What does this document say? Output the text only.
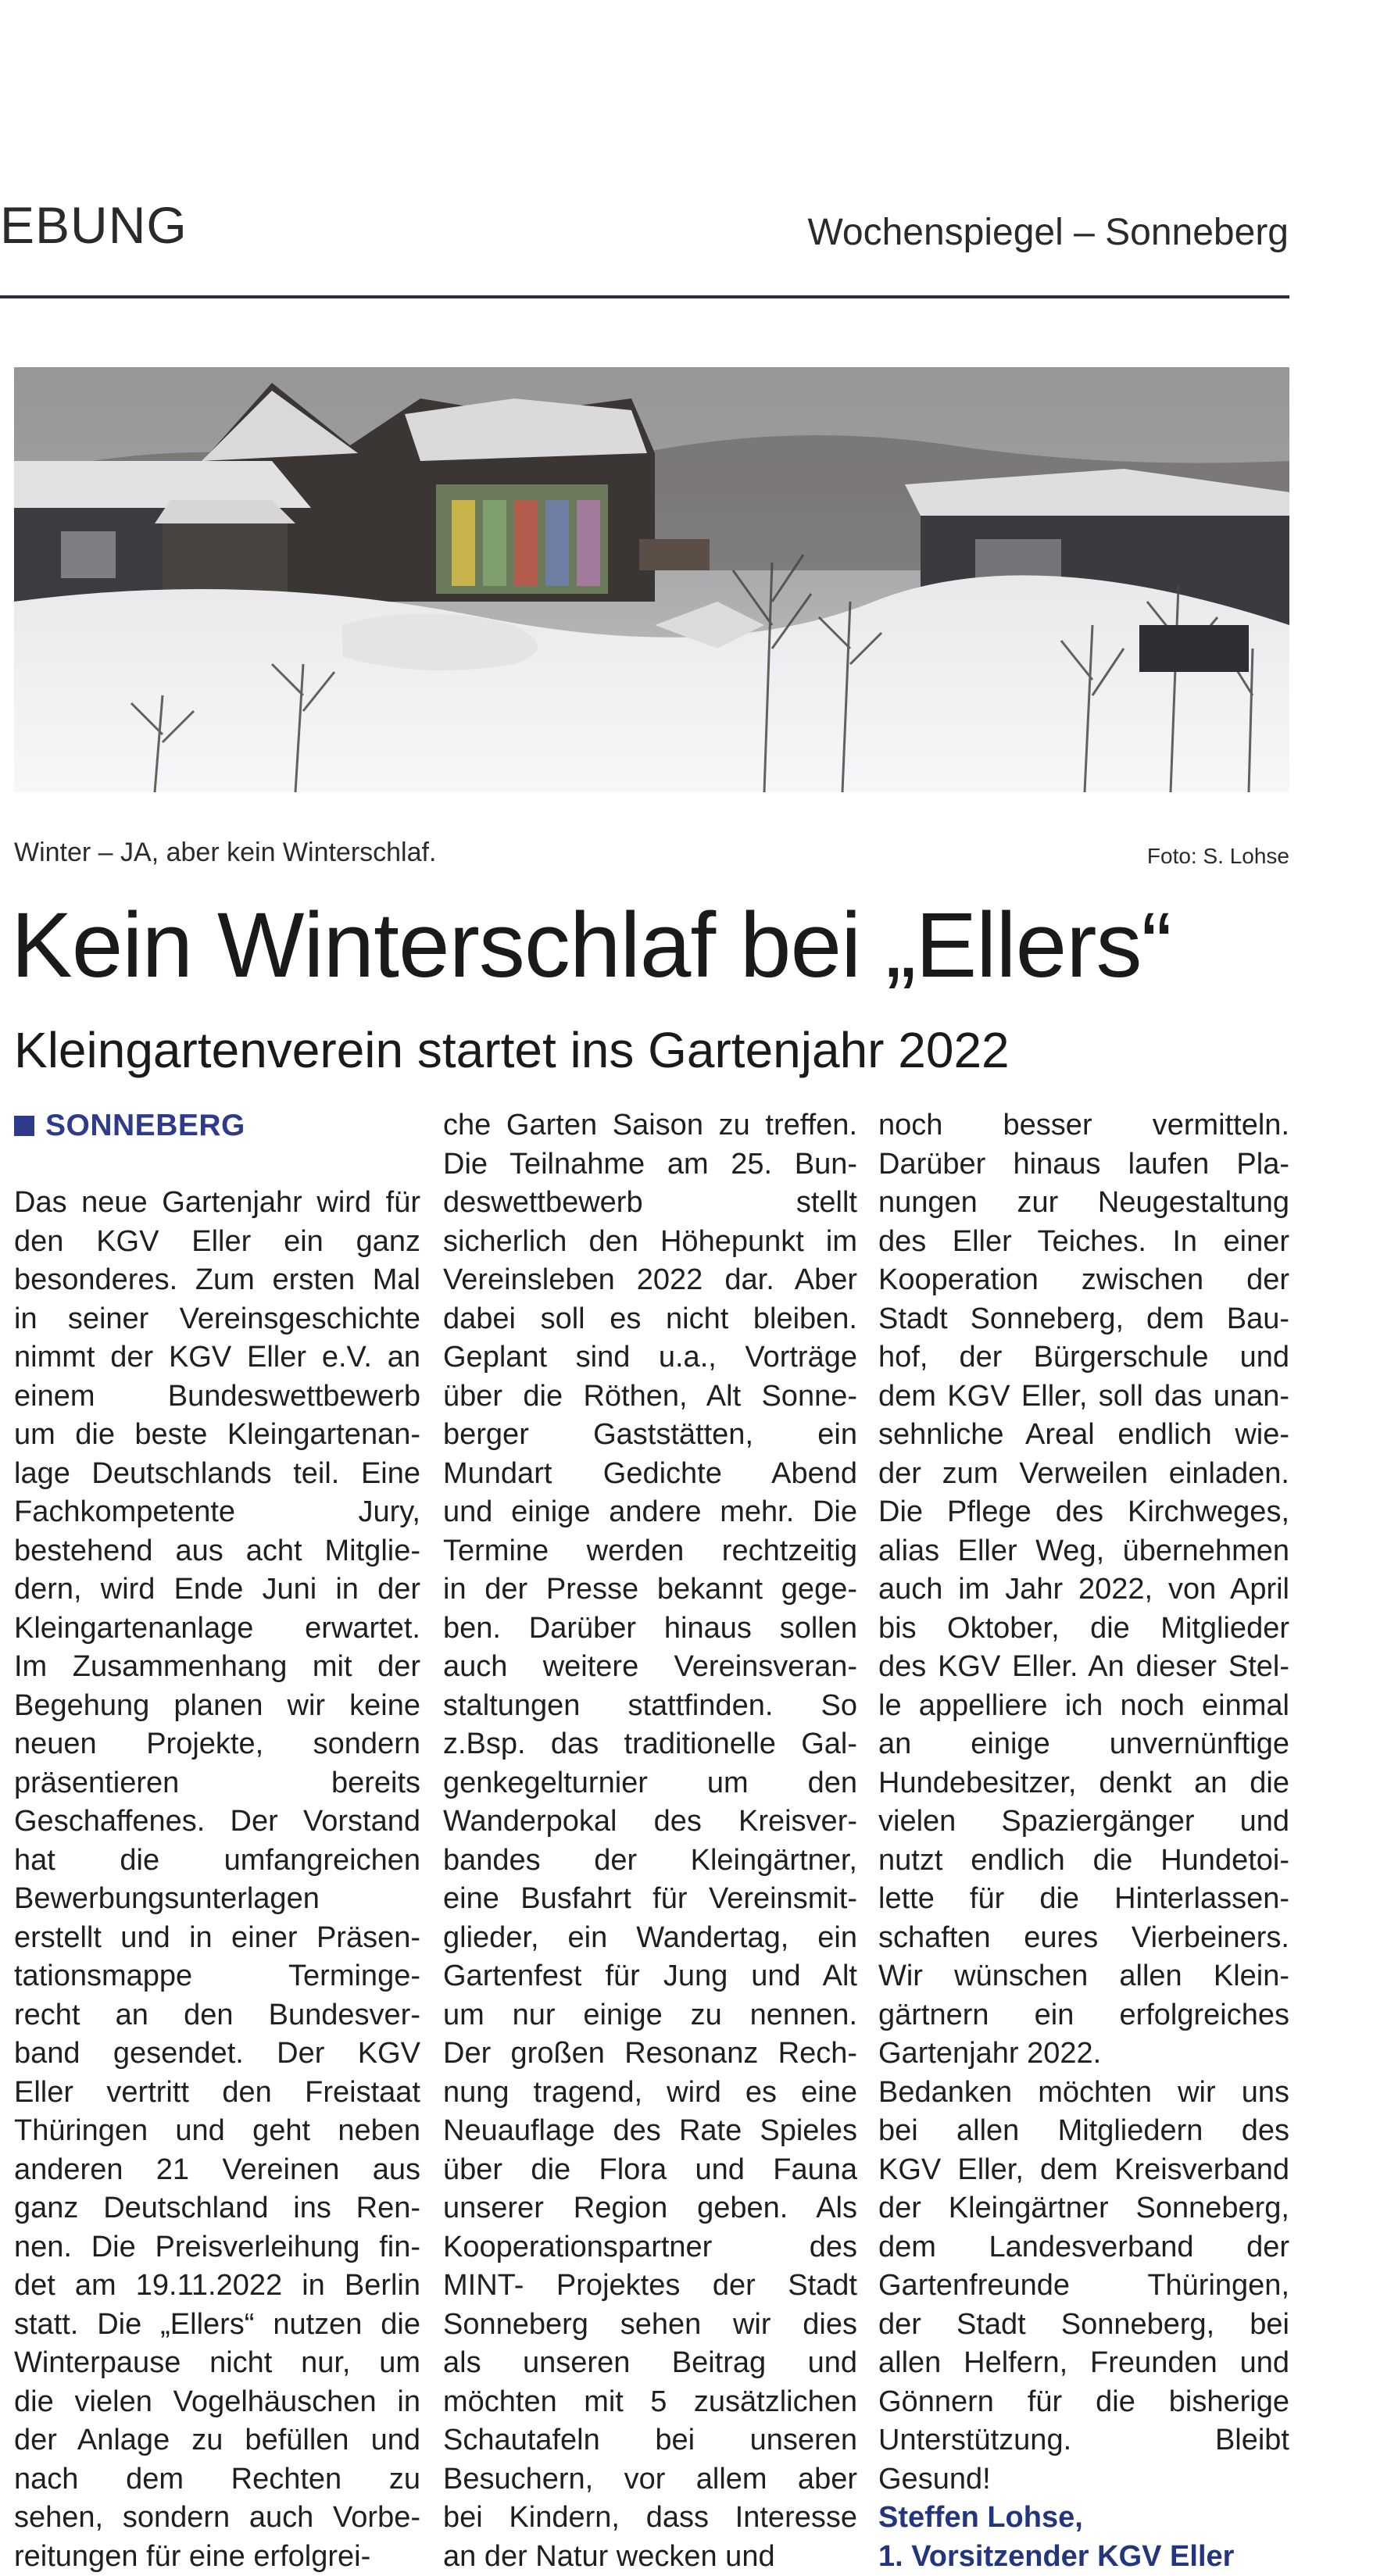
EBUNG	Wochenspiegel – Sonneberg
Winter – JA, aber kein Winterschlaf.	Foto: S. Lohse
Kein Winterschlaf bei „Ellers“
Kleingartenverein startet ins Gartenjahr 2022
SONNEBERG
Das neue Gartenjahr wird für
den KGV Eller ein ganz
besonderes. Zum ersten Mal
in seiner Vereinsgeschichte
nimmt der KGV Eller e.V. an
einem Bundeswettbewerb
um die beste Kleingartenan-
lage Deutschlands teil. Eine
Fachkompetente Jury,
bestehend aus acht Mitglie-
dern, wird Ende Juni in der
Kleingartenanlage erwartet.
Im Zusammenhang mit der
Begehung planen wir keine
neuen Projekte, sondern
präsentieren bereits
Geschaffenes. Der Vorstand
hat die umfangreichen
Bewerbungsunterlagen
erstellt und in einer Präsen-
tationsmappe Terminge-
recht an den Bundesver-
band gesendet. Der KGV
Eller vertritt den Freistaat
Thüringen und geht neben
anderen 21 Vereinen aus
ganz Deutschland ins Ren-
nen. Die Preisverleihung fin-
det am 19.11.2022 in Berlin
statt. Die „Ellers“ nutzen die
Winterpause nicht nur, um
die vielen Vogelhäuschen in
der Anlage zu befüllen und
nach dem Rechten zu
sehen, sondern auch Vorbe-
reitungen für eine erfolgrei-
che Garten Saison zu treffen.
Die Teilnahme am 25. Bun-
deswettbewerb stellt
sicherlich den Höhepunkt im
Vereinsleben 2022 dar. Aber
dabei soll es nicht bleiben.
Geplant sind u.a., Vorträge
über die Röthen, Alt Sonne-
berger Gaststätten, ein
Mundart Gedichte Abend
und einige andere mehr. Die
Termine werden rechtzeitig
in der Presse bekannt gege-
ben. Darüber hinaus sollen
auch weitere Vereinsveran-
staltungen stattfinden. So
z.Bsp. das traditionelle Gal-
genkegelturnier um den
Wanderpokal des Kreisver-
bandes der Kleingärtner,
eine Busfahrt für Vereinsmit-
glieder, ein Wandertag, ein
Gartenfest für Jung und Alt
um nur einige zu nennen.
Der großen Resonanz Rech-
nung tragend, wird es eine
Neuauflage des Rate Spieles
über die Flora und Fauna
unserer Region geben. Als
Kooperationspartner des
MINT- Projektes der Stadt
Sonneberg sehen wir dies
als unseren Beitrag und
möchten mit 5 zusätzlichen
Schautafeln bei unseren
Besuchern, vor allem aber
bei Kindern, dass Interesse
an der Natur wecken und
noch besser vermitteln.
Darüber hinaus laufen Pla-
nungen zur Neugestaltung
des Eller Teiches. In einer
Kooperation zwischen der
Stadt Sonneberg, dem Bau-
hof, der Bürgerschule und
dem KGV Eller, soll das unan-
sehnliche Areal endlich wie-
der zum Verweilen einladen.
Die Pflege des Kirchweges,
alias Eller Weg, übernehmen
auch im Jahr 2022, von April
bis Oktober, die Mitglieder
des KGV Eller. An dieser Stel-
le appelliere ich noch einmal
an einige unvernünftige
Hundebesitzer, denkt an die
vielen Spaziergänger und
nutzt endlich die Hundetoi-
lette für die Hinterlassen-
schaften eures Vierbeiners.
Wir wünschen allen Klein-
gärtnern ein erfolgreiches
Gartenjahr 2022.
Bedanken möchten wir uns
bei allen Mitgliedern des
KGV Eller, dem Kreisverband
der Kleingärtner Sonneberg,
dem Landesverband der
Gartenfreunde Thüringen,
der Stadt Sonneberg, bei
allen Helfern, Freunden und
Gönnern für die bisherige
Unterstützung. Bleibt
Gesund!
Steffen Lohse,
1. Vorsitzender KGV Eller
